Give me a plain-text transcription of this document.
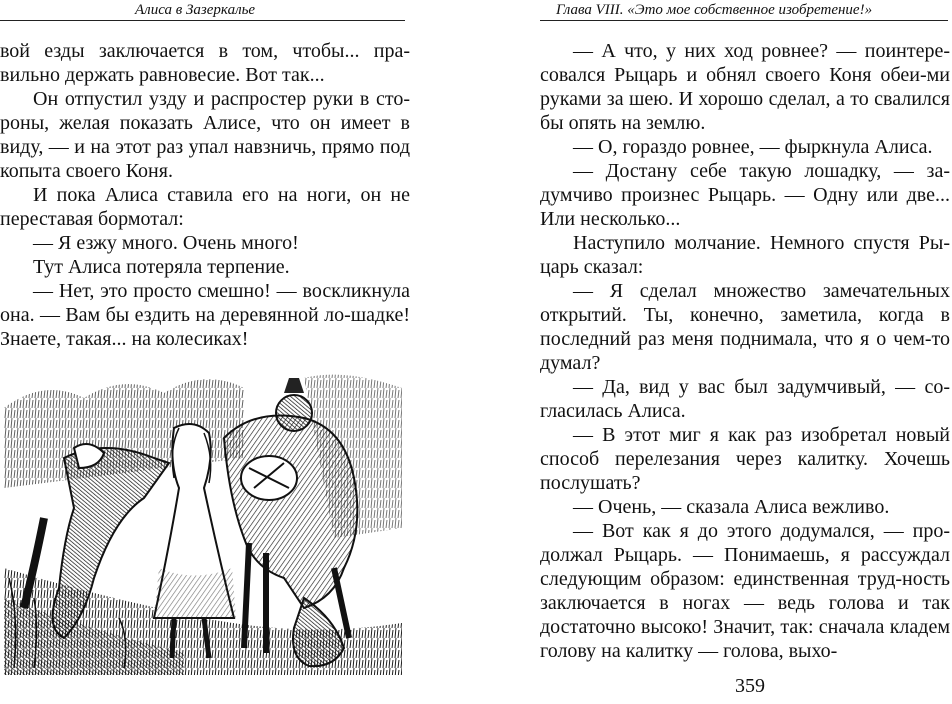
Алиса в Зазеркалье

вой езды заключается в том, чтобы... пра-вильно держать равновесие. Вот так...

Он отпустил узду и распростер руки в сто-роны, желая показать Алисе, что он имеет в виду, — и на этот раз упал навзничь, прямо под копыта своего Коня.

И пока Алиса ставила его на ноги, он не переставая бормотал:

— Я езжу много. Очень много!

Тут Алиса потеряла терпение.

— Нет, это просто смешно! — воскликнула она. — Вам бы ездить на деревянной ло-шадке! Знаете, такая... на колесиках!

Глава VIII. «Это мое собственное изобретение!»

— А что, у них ход ровнее? — поинтере-совался Рыцарь и обнял своего Коня обеи-ми руками за шею. И хорошо сделал, а то свалился бы опять на землю.

— О, гораздо ровнее, — фыркнула Алиса.

— Достану себе такую лошадку, — за-думчиво произнес Рыцарь. — Одну или две... Или несколько...

Наступило молчание. Немного спустя Ры-царь сказал:

— Я сделал множество замечательных открытий. Ты, конечно, заметила, когда в последний раз меня поднимала, что я о чем-то думал?

— Да, вид у вас был задумчивый, — со-гласилась Алиса.

— В этот миг я как раз изобретал новый способ перелезания через калитку. Хочешь послушать?

— Очень, — сказала Алиса вежливо.

— Вот как я до этого додумался, — про-должал Рыцарь. — Понимаешь, я рассуждал следующим образом: единственная труд-ность заключается в ногах — ведь голова и так достаточно высоко! Значит, так: сначала кладем голову на калитку — голова, выхо-

359
